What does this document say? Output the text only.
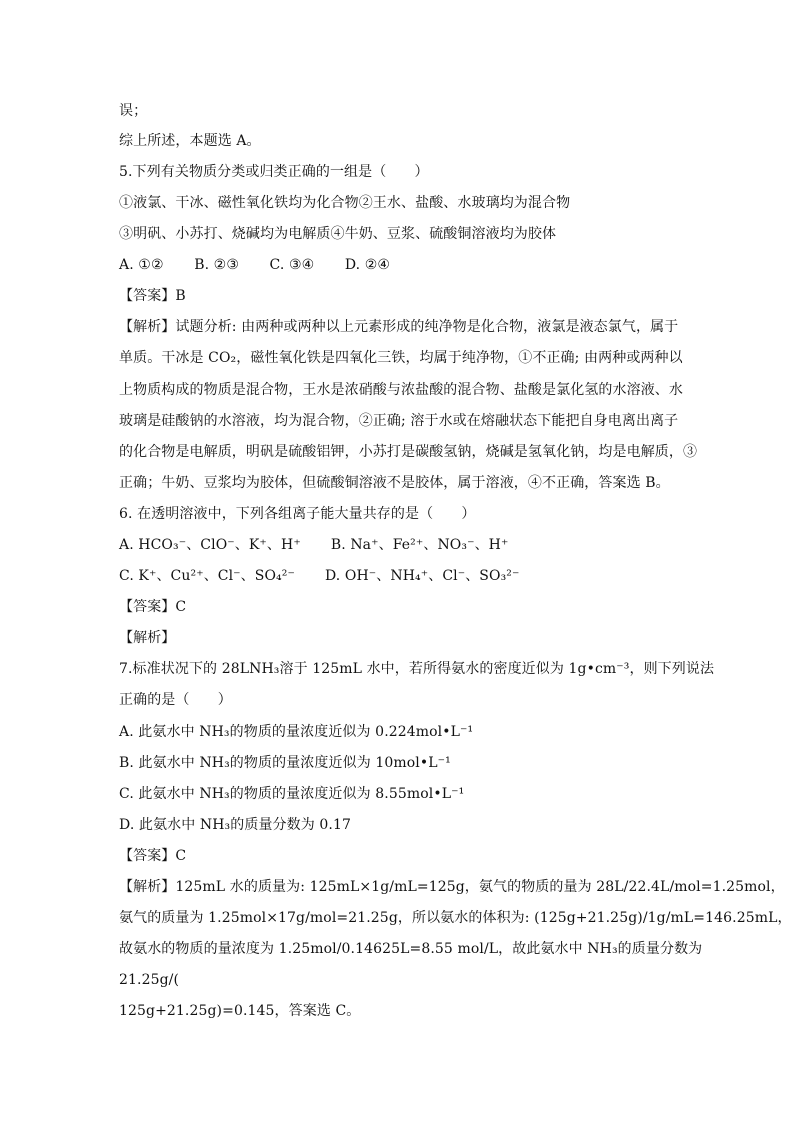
误；
综上所述，本题选 A。
5.下列有关物质分类或归类正确的一组是（　　）
①液氯、干冰、磁性氧化铁均为化合物②王水、盐酸、水玻璃均为混合物
③明矾、小苏打、烧碱均为电解质④牛奶、豆浆、硫酸铜溶液均为胶体
A. ①② B. ②③ C. ③④ D. ②④
【答案】B
【解析】试题分析: 由两种或两种以上元素形成的纯净物是化合物，液氯是液态氯气，属于
单质。干冰是 CO₂，磁性氧化铁是四氧化三铁，均属于纯净物，①不正确; 由两种或两种以
上物质构成的物质是混合物，王水是浓硝酸与浓盐酸的混合物、盐酸是氯化氢的水溶液、水
玻璃是硅酸钠的水溶液，均为混合物，②正确; 溶于水或在熔融状态下能把自身电离出离子
的化合物是电解质，明矾是硫酸铝钾，小苏打是碳酸氢钠，烧碱是氢氧化钠，均是电解质，③
正确；牛奶、豆浆均为胶体，但硫酸铜溶液不是胶体，属于溶液，④不正确，答案选 B。
6. 在透明溶液中，下列各组离子能大量共存的是（　　）
A. HCO₃⁻、ClO⁻、K⁺、H⁺ B. Na⁺、Fe²⁺、NO₃⁻、H⁺
C. K⁺、Cu²⁺、Cl⁻、SO₄²⁻ D. OH⁻、NH₄⁺、Cl⁻、SO₃²⁻
【答案】C
【解析】
7.标准状况下的 28LNH₃溶于 125mL 水中，若所得氨水的密度近似为 1g•cm⁻³，则下列说法
正确的是（　　）
A. 此氨水中 NH₃的物质的量浓度近似为 0.224mol•L⁻¹
B. 此氨水中 NH₃的物质的量浓度近似为 10mol•L⁻¹
C. 此氨水中 NH₃的物质的量浓度近似为 8.55mol•L⁻¹
D. 此氨水中 NH₃的质量分数为 0.17
【答案】C
【解析】125mL 水的质量为: 125mL×1g/mL=125g，氨气的物质的量为 28L/22.4L/mol=1.25mol，
氨气的质量为 1.25mol×17g/mol=21.25g，所以氨水的体积为: (125g+21.25g)/1g/mL=146.25mL，
故氨水的物质的量浓度为 1.25mol/0.14625L=8.55 mol/L，故此氨水中 NH₃的质量分数为
21.25g/(
125g+21.25g)=0.145，答案选 C。
